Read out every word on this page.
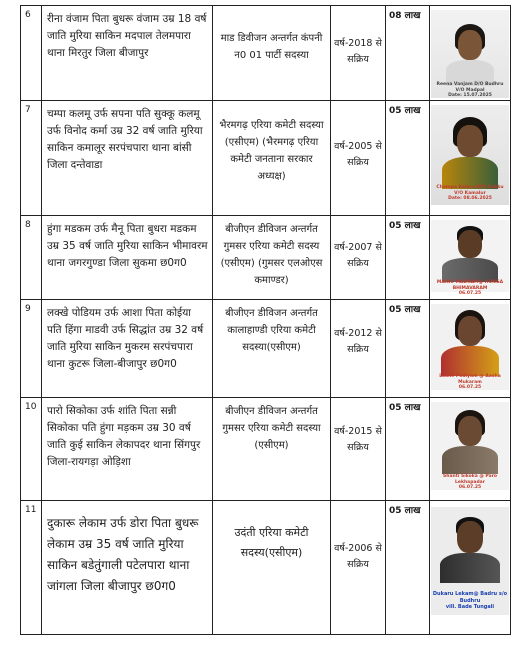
6	रीना वंजाम पिता बुधरू वंजाम उम्र 18 वर्ष जाति मुरिया साकिन मदपाल तेलमपारा थाना मिरतुर जिला बीजापुर	माड डिवीजन अन्तर्गत कंपनी न0 01 पार्टी सदस्या	वर्ष-2018 से सक्रिय	08 लाख	Reena Vanjam D/O Budhru
V/O Madpal
Date: 15.07.2025

7	चम्पा कलमू उर्फ सपना पति सुक्कू कलमू उर्फ विनोद कर्मा उम्र 32 वर्ष जाति मुरिया साकिन कमालूर सरपंचपारा थाना बांसी जिला दन्तेवाडा	भैरमगढ़ एरिया कमेटी सदस्या (एसीएम) (भैरमगढ़ एरिया कमेटी जनताना सरकार अध्यक्ष)	वर्ष-2005 से सक्रिय	05 लाख	Champa Kalmu W/O Sukku
V/O Kamalur
Date: 08.06.2025

8	हुंगा मडकम उर्फ मैनू पिता बुधरा मडकम उम्र 35 वर्ष जाति मुरिया साकिन भीमावरम थाना जगरगुण्डा जिला सुकमा छ0ग0	बीजीएन डीविजन अन्तर्गत गुमसर एरिया कमेटी सदस्य (एसीएम) (गुमसर एलओएस कमाण्डर)	वर्ष-2007 से सक्रिय	05 लाख	MAINU MADKAM@ HUNGA
BHIMAVARAM
06.07.25

9	लक्खे पोडियम उर्फ आशा पिता कोईया पति हिंगा माडवी उर्फ सिद्धांत उम्र 32 वर्ष जाति मुरिया साकिन मुकरम सरपंचपारा थाना कुटरू जिला-बीजापुर छ0ग0	बीजीएन डीविजन अन्तर्गत कालाहाण्डी एरिया कमेटी सदस्या(एसीएम)	वर्ष-2012 से सक्रिय	05 लाख	Lakhe Podiyam @ Aasha
Mukaram
06.07.25

10	पारो सिकोका उर्फ शांति पिता सन्नी सिकोका पति हुंगा मड़कम उम्र 30 वर्ष जाति कुई साकिन लेकापदर थाना सिंगपुर जिला-रायगड़ा ओड़िशा	बीजीएन डीविजन अन्तर्गत गुमसर एरिया कमेटी सदस्या (एसीएम)	वर्ष-2015 से सक्रिय	05 लाख	Shanti Sikoka @ Paro
Lekhapadar
06.07.25

11	दुकारू लेकाम उर्फ डोरा पिता बुधरू लेकाम उम्र 35 वर्ष जाति मुरिया साकिन बडेतुंगाली पटेलपारा थाना जांगला जिला बीजापुर छ0ग0	उदंती एरिया कमेटी सदस्य(एसीएम)	वर्ष-2006 से सक्रिय	05 लाख	Dukaru Lekam@ Badru s/o
Budhru
vill. Bade Tungali
